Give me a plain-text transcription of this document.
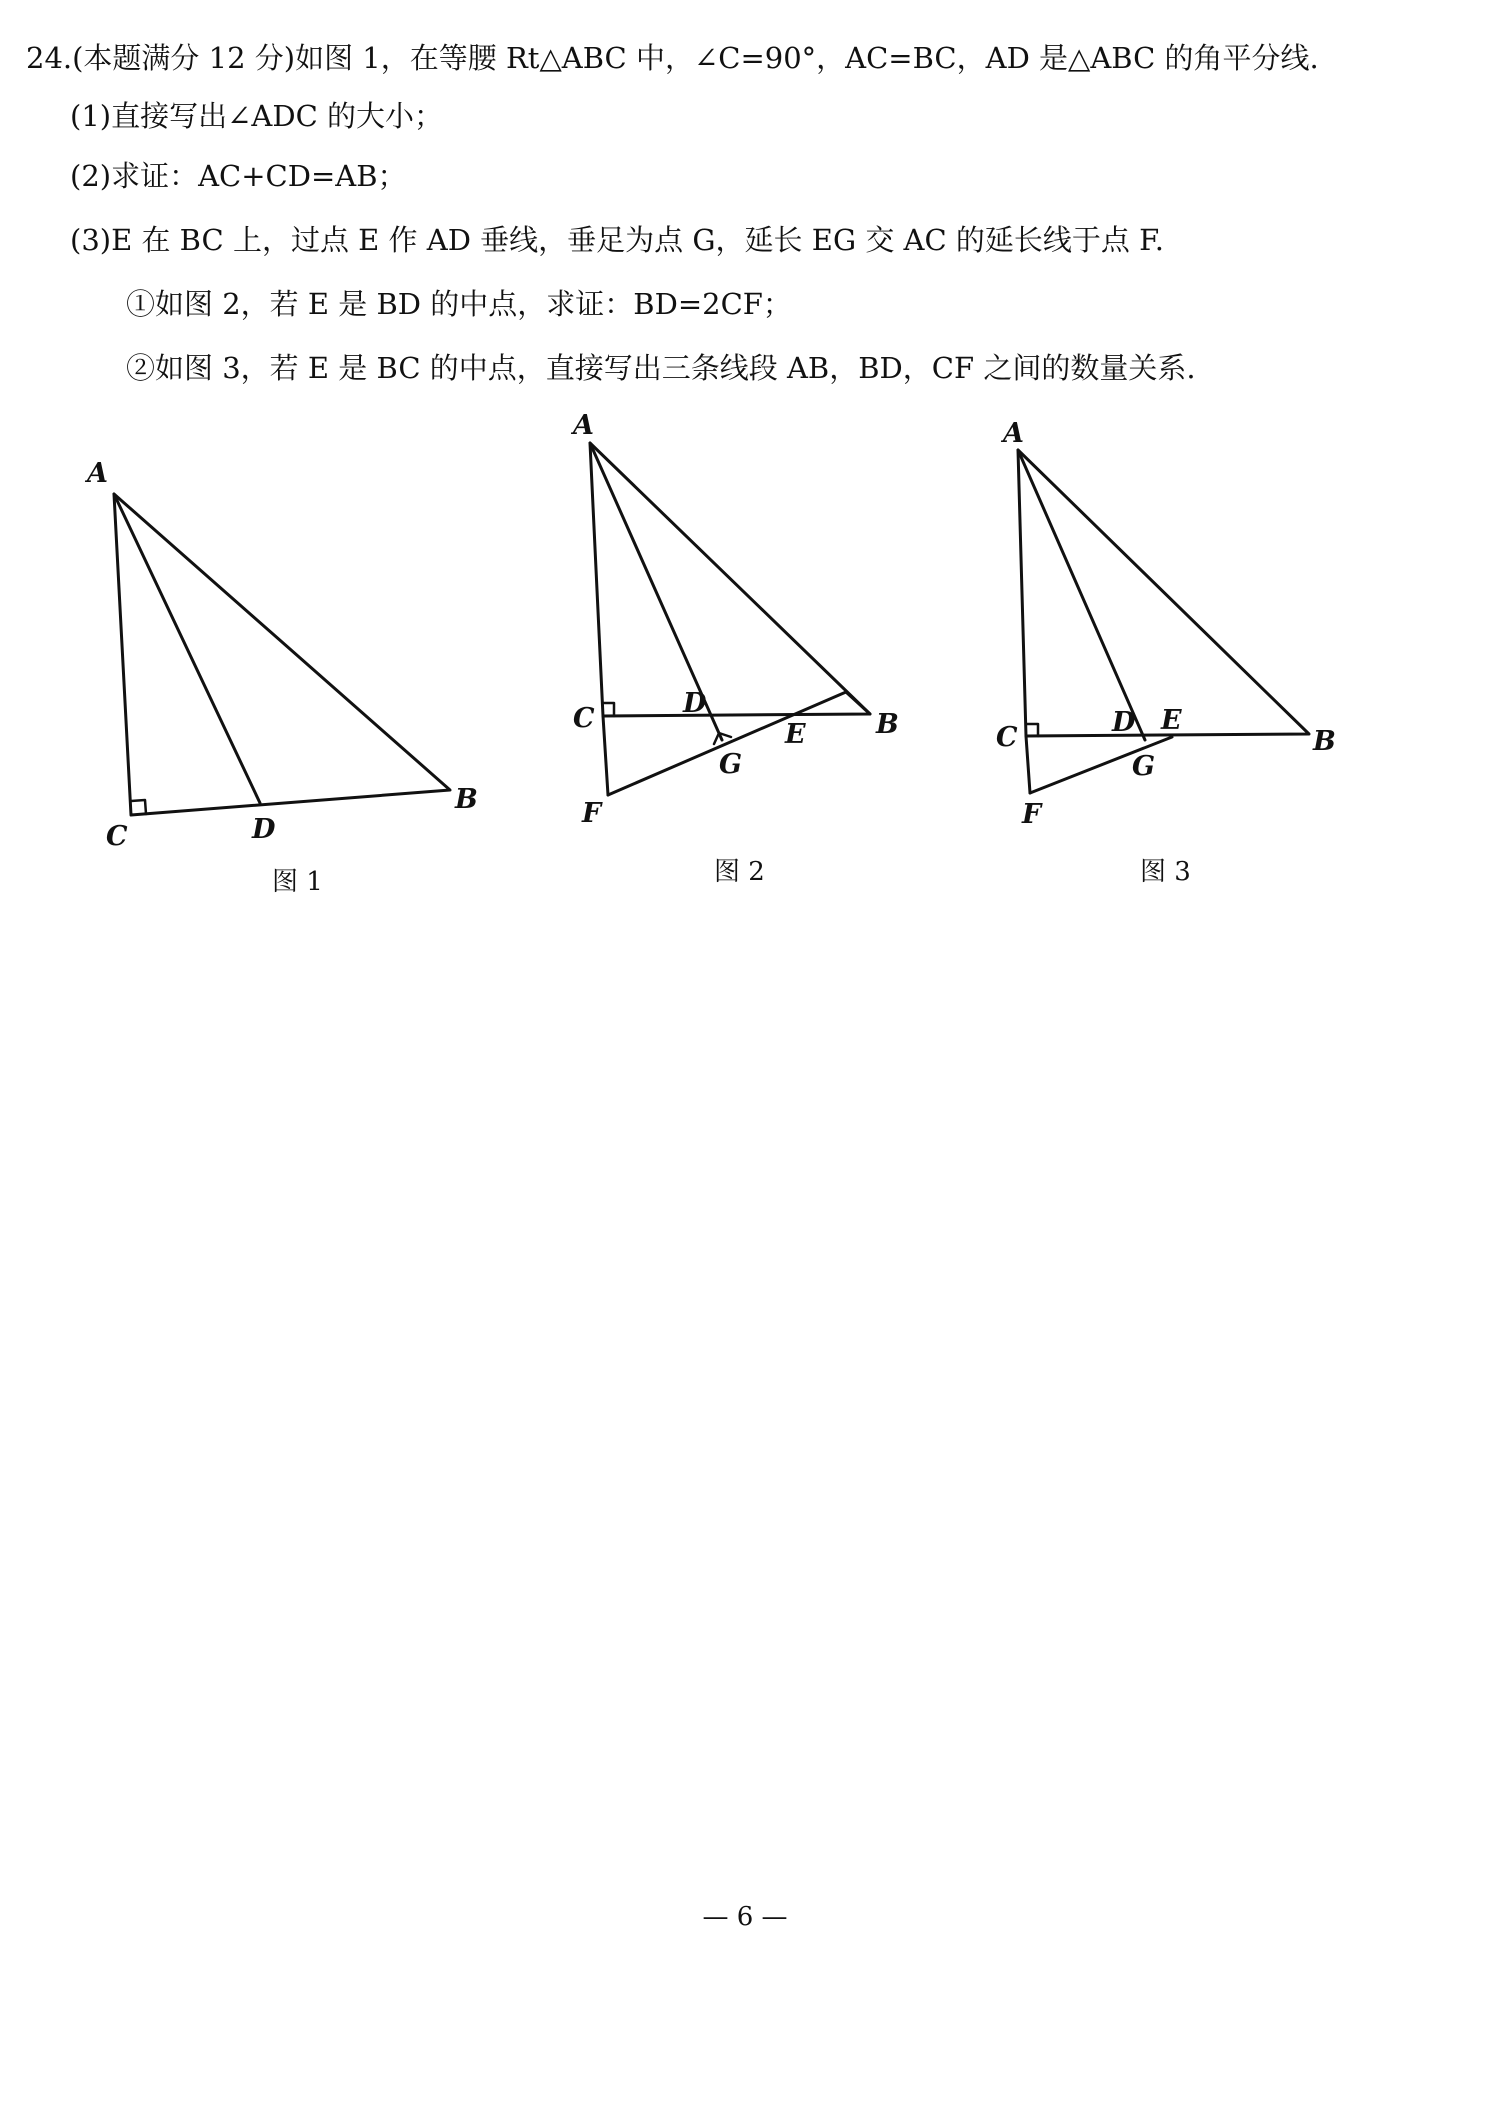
24.(本题满分 12 分)如图 1，在等腰 Rt△ABC 中，∠C=90°，AC=BC，AD 是△ABC 的角平分线.
(1)直接写出∠ADC 的大小；
(2)求证：AC+CD=AB；
(3)E 在 BC 上，过点 E 作 AD 垂线，垂足为点 G，延长 EG 交 AC 的延长线于点 F.
①如图 2，若 E 是 BD 的中点，求证：BD=2CF；
②如图 3，若 E 是 BC 的中点，直接写出三条线段 AB，BD，CF 之间的数量关系.
A
C	D
B
图 1
A
C	D
E	B
G
F
图 2
A
C	D E
B
G
F
图 3
— 6 —
